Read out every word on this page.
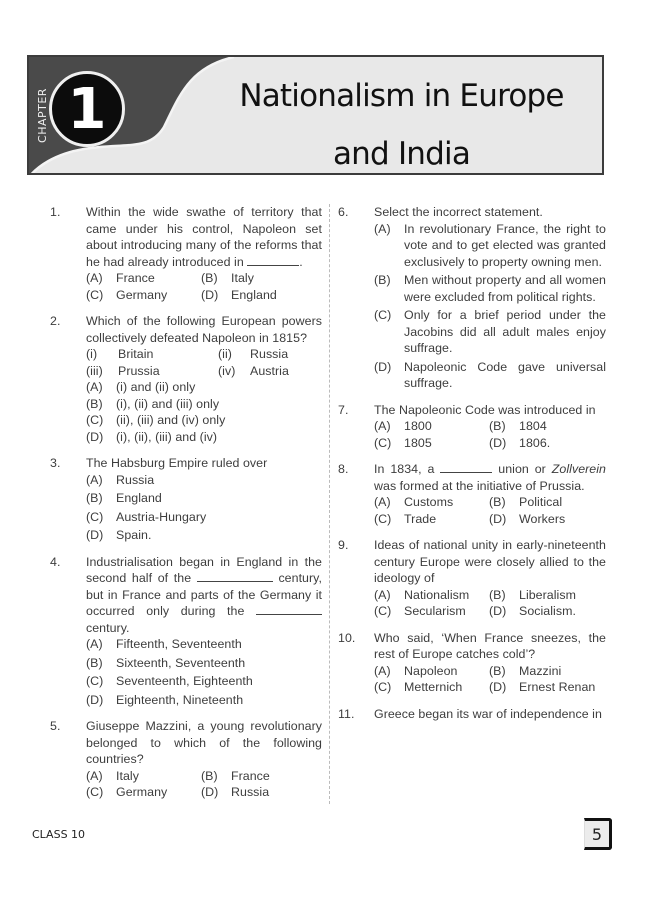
CHAPTER 1	Nationalism in Europe
and India
1. Within the wide swathe of territory that came under his control, Napoleon set about introducing many of the reforms that he had already introduced in	.
(A)	France	(B)	Italy
(C)	Germany	(D)	England
2. Which of the following European powers collectively defeated Napoleon in 1815?
(i)	Britain	(ii)	Russia
(iii)	Prussia	(iv)	Austria
(A)	(i) and (ii) only
(B)	(i), (ii) and (iii) only
(C)	(ii), (iii) and (iv) only
(D)	(i), (ii), (iii) and (iv)
3. The Habsburg Empire ruled over
(A)	Russia
(B)	England
(C)	Austria-Hungary
(D)	Spain.
4. Industrialisation began in England in the second half of the	century, but in France and parts of the Germany it occurred only during the  century.
(A)	Fifteenth, Seventeenth
(B)	Sixteenth, Seventeenth
(C)	Seventeenth, Eighteenth
(D)	Eighteenth, Nineteenth
5. Giuseppe Mazzini, a young revolutionary belonged to which of the following countries?
(A)	Italy	(B)	France
(C)	Germany	(D)	Russia
6. Select the incorrect statement.
(A)	In revolutionary France, the right to vote and to get elected was granted exclusively to property owning men.
(B)	Men without property and all women were excluded from political rights.
(C)	Only for a brief period under the Jacobins did all adult males enjoy suffrage.
(D)	Napoleonic Code gave universal suffrage.
7. The Napoleonic Code was introduced in
(A)	1800	(B)	1804
(C)	1805	(D)	1806.
8. In 1834, a	union or Zollverein was formed at the initiative of Prussia.
(A)	Customs	(B)	Political
(C)	Trade	(D)	Workers
9. Ideas of national unity in early-nineteenth century Europe were closely allied to the ideology of
(A)	Nationalism (B)	Liberalism
(C)	Secularism (D)	Socialism.
10. Who said, ‘When France sneezes, the rest of Europe catches cold’?
(A)	Napoleon	(B)	Mazzini
(C)	Metternich (D)	Ernest Renan
11. Greece began its war of independence in
CLASS 10	5
